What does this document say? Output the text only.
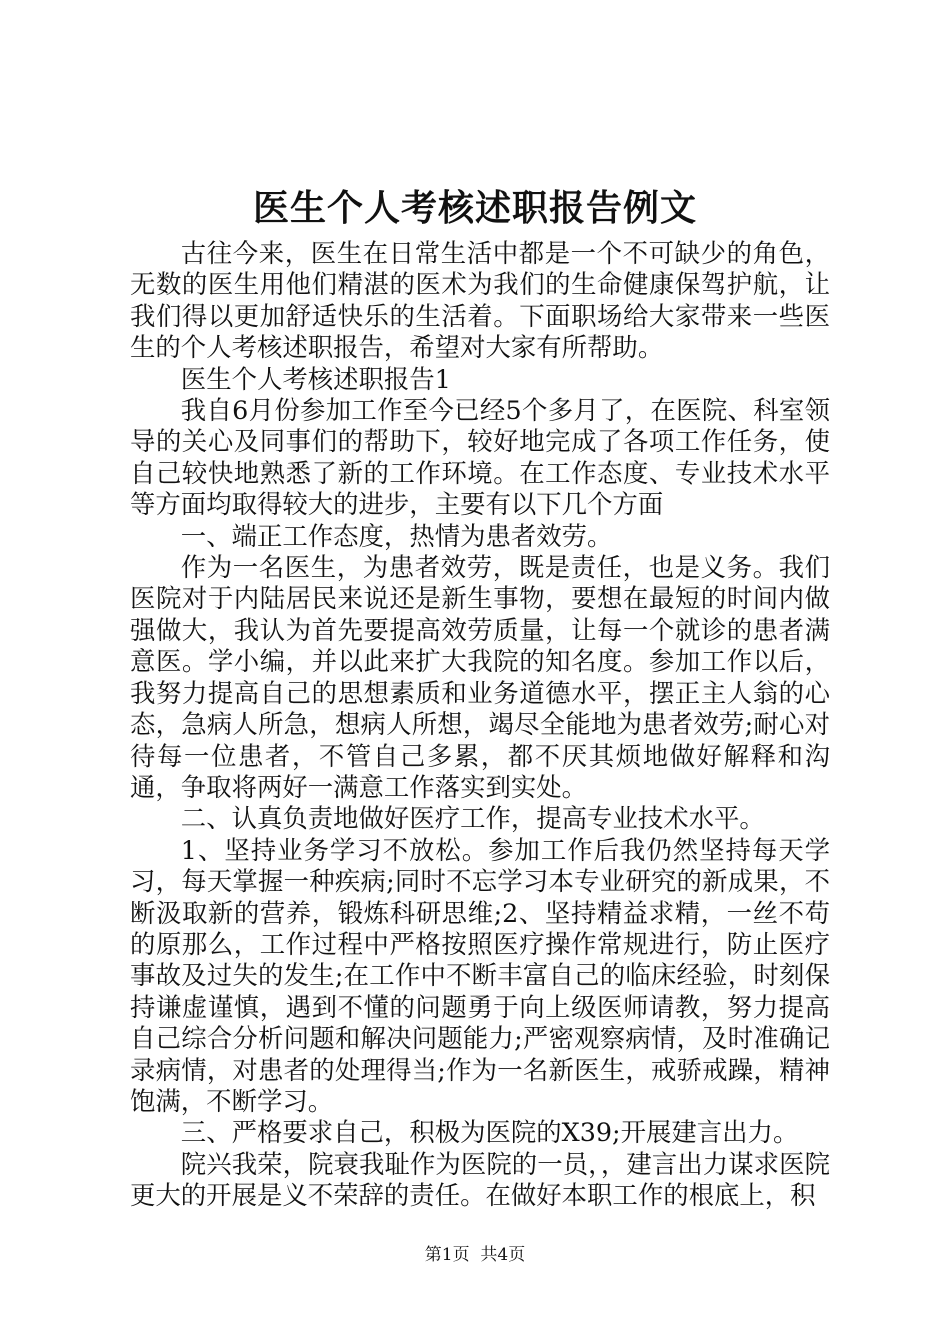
医生个人考核述职报告例文

古往今来，医生在日常生活中都是一个不可缺少的角色，无数的医生用他们精湛的医术为我们的生命健康保驾护航，让我们得以更加舒适快乐的生活着。下面职场给大家带来一些医生的个人考核述职报告，希望对大家有所帮助。

医生个人考核述职报告1

我自6月份参加工作至今已经5个多月了，在医院、科室领导的关心及同事们的帮助下，较好地完成了各项工作任务，使自己较快地熟悉了新的工作环境。在工作态度、专业技术水平等方面均取得较大的进步，主要有以下几个方面

一、端正工作态度，热情为患者效劳。

作为一名医生，为患者效劳，既是责任，也是义务。我们医院对于内陆居民来说还是新生事物，要想在最短的时间内做强做大，我认为首先要提高效劳质量，让每一个就诊的患者满意医。学小编，并以此来扩大我院的知名度。参加工作以后，我努力提高自己的思想素质和业务道德水平，摆正主人翁的心态，急病人所急，想病人所想，竭尽全能地为患者效劳;耐心对待每一位患者，不管自己多累，都不厌其烦地做好解释和沟通，争取将两好一满意工作落实到实处。

二、认真负责地做好医疗工作，提高专业技术水平。

1、坚持业务学习不放松。参加工作后我仍然坚持每天学习，每天掌握一种疾病;同时不忘学习本专业研究的新成果，不断汲取新的营养，锻炼科研思维;2、坚持精益求精，一丝不苟的原那么，工作过程中严格按照医疗操作常规进行，防止医疗事故及过失的发生;在工作中不断丰富自己的临床经验，时刻保持谦虚谨慎，遇到不懂的问题勇于向上级医师请教，努力提高自己综合分析问题和解决问题能力;严密观察病情，及时准确记录病情，对患者的处理得当;作为一名新医生，戒骄戒躁，精神饱满，不断学习。

三、严格要求自己，积极为医院的X39;开展建言出力。

院兴我荣，院衰我耻作为医院的一员，，建言出力谋求医院更大的开展是义不荣辞的责任。在做好本职工作的根底上，积

第1页  共4页
